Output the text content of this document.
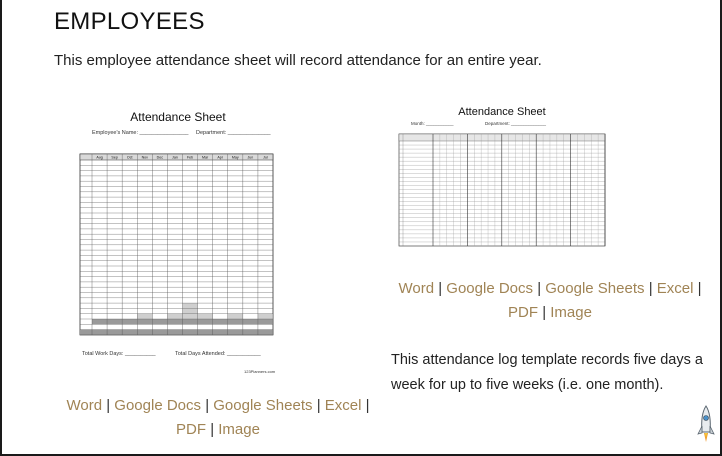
EMPLOYEES

This employee attendance sheet will record attendance for an entire year.

Attendance Sheet
Employee's Name: ________________ Department: ______________
Aug Sep	Oct	Nov Dec Jan	Feb Mar	Apr May Jun	Jul
Total Work Days: __________	Total Days Attended: ___________
123Planners.com
Attendance Sheet
Month: ___________	Department: ______________
Word | Google Docs | Google Sheets | Excel |
PDF | Image

This attendance log template records five days a week for up to five weeks (i.e. one month).

Word | Google Docs | Google Sheets | Excel |
PDF | Image
